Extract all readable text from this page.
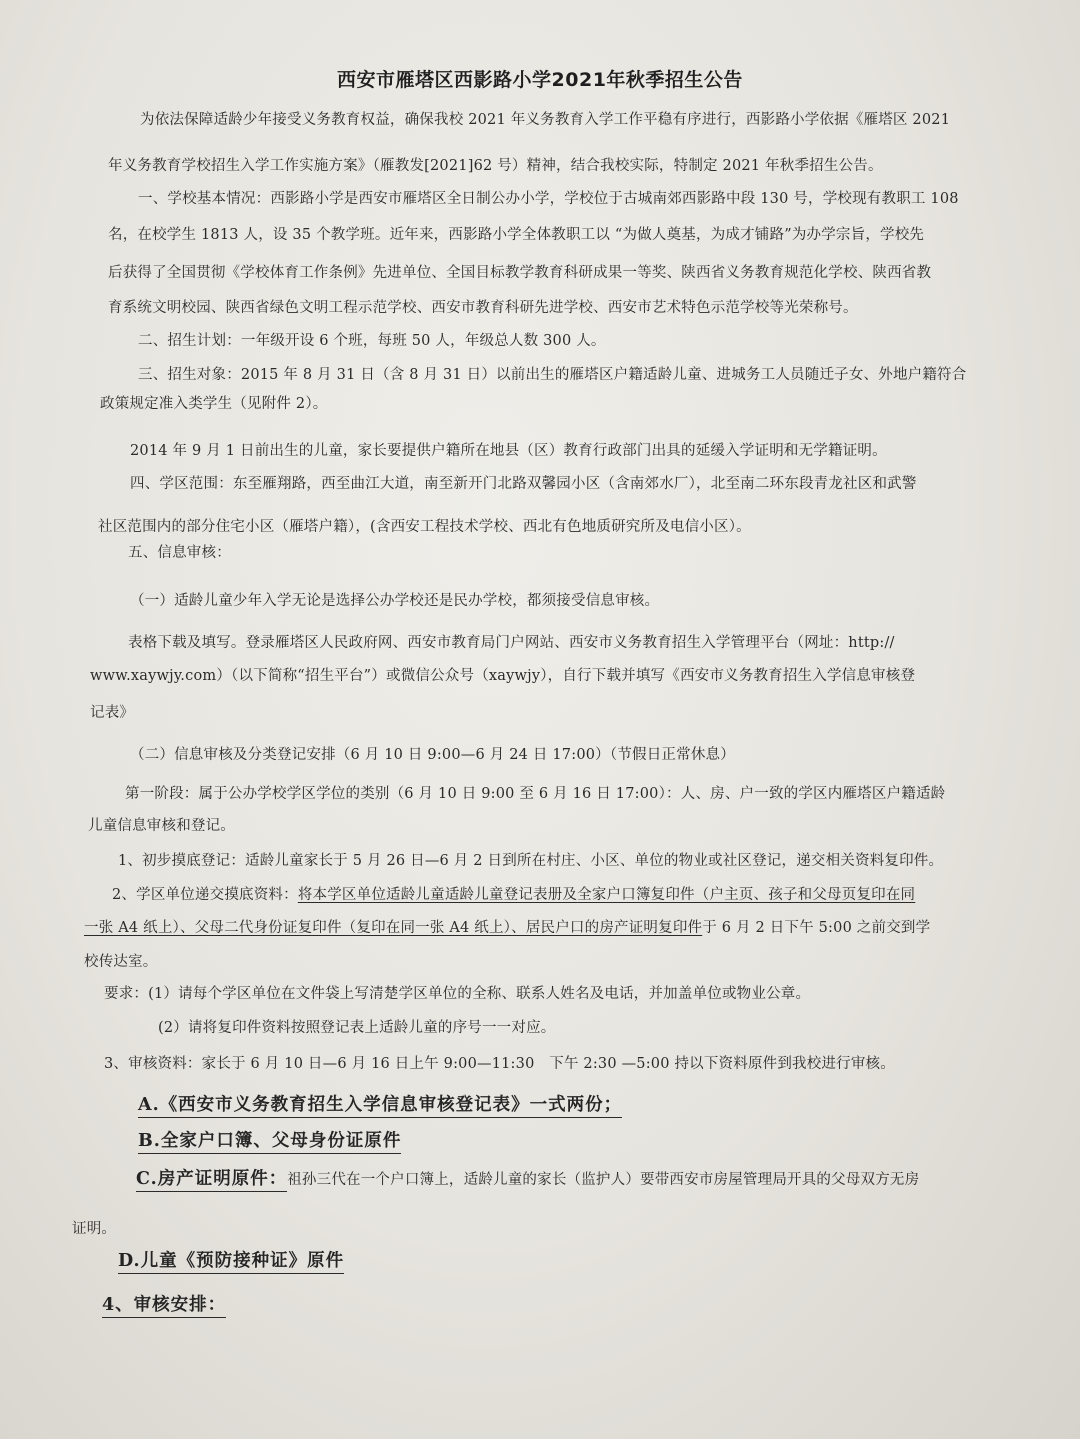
西安市雁塔区西影路小学2021年秋季招生公告

为依法保障适龄少年接受义务教育权益，确保我校 2021 年义务教育入学工作平稳有序进行，西影路小学依据《雁塔区 2021

年义务教育学校招生入学工作实施方案》（雁教发[2021]62 号）精神，结合我校实际，特制定 2021 年秋季招生公告。

一、学校基本情况：西影路小学是西安市雁塔区全日制公办小学，学校位于古城南郊西影路中段 130 号，学校现有教职工 108

名，在校学生 1813 人，设 35 个教学班。近年来，西影路小学全体教职工以 “为做人奠基，为成才铺路”为办学宗旨，学校先

后获得了全国贯彻《学校体育工作条例》先进单位、全国目标教学教育科研成果一等奖、陕西省义务教育规范化学校、陕西省教

育系统文明校园、陕西省绿色文明工程示范学校、西安市教育科研先进学校、西安市艺术特色示范学校等光荣称号。

二、招生计划：一年级开设 6 个班，每班 50 人，年级总人数 300 人。

三、招生对象：2015 年 8 月 31 日（含 8 月 31 日）以前出生的雁塔区户籍适龄儿童、进城务工人员随迁子女、外地户籍符合

政策规定准入类学生（见附件 2）。

2014 年 9 月 1 日前出生的儿童，家长要提供户籍所在地县（区）教育行政部门出具的延缓入学证明和无学籍证明。

四、学区范围：东至雁翔路，西至曲江大道，南至新开门北路双馨园小区（含南郊水厂），北至南二环东段青龙社区和武警

社区范围内的部分住宅小区（雁塔户籍），(含西安工程技术学校、西北有色地质研究所及电信小区）。

五、信息审核：

（一）适龄儿童少年入学无论是选择公办学校还是民办学校，都须接受信息审核。

表格下载及填写。登录雁塔区人民政府网、西安市教育局门户网站、西安市义务教育招生入学管理平台（网址：http://

www.xaywjy.com）（以下简称“招生平台”）或微信公众号（xaywjy），自行下载并填写《西安市义务教育招生入学信息审核登

记表》

（二）信息审核及分类登记安排（6 月 10 日 9:00—6 月 24 日 17:00）（节假日正常休息）

第一阶段：属于公办学校学区学位的类别（6 月 10 日 9:00 至 6 月 16 日 17:00）：人、房、户一致的学区内雁塔区户籍适龄

儿童信息审核和登记。

1、初步摸底登记：适龄儿童家长于 5 月 26 日—6 月 2 日到所在村庄、小区、单位的物业或社区登记，递交相关资料复印件。

2、学区单位递交摸底资料：将本学区单位适龄儿童适龄儿童登记表册及全家户口簿复印件（户主页、孩子和父母页复印在同

一张 A4 纸上）、父母二代身份证复印件（复印在同一张 A4 纸上）、居民户口的房产证明复印件于 6 月 2 日下午 5:00 之前交到学

校传达室。

要求：(1）请每个学区单位在文件袋上写清楚学区单位的全称、联系人姓名及电话，并加盖单位或物业公章。

(2）请将复印件资料按照登记表上适龄儿童的序号一一对应。

3、审核资料：家长于 6 月 10 日—6 月 16 日上午 9:00—11:30　下午 2:30 —5:00 持以下资料原件到我校进行审核。

A.《西安市义务教育招生入学信息审核登记表》一式两份；

B.全家户口簿、父母身份证原件

C.房产证明原件：祖孙三代在一个户口簿上，适龄儿童的家长（监护人）要带西安市房屋管理局开具的父母双方无房

证明。

D.儿童《预防接种证》原件

4、审核安排：
